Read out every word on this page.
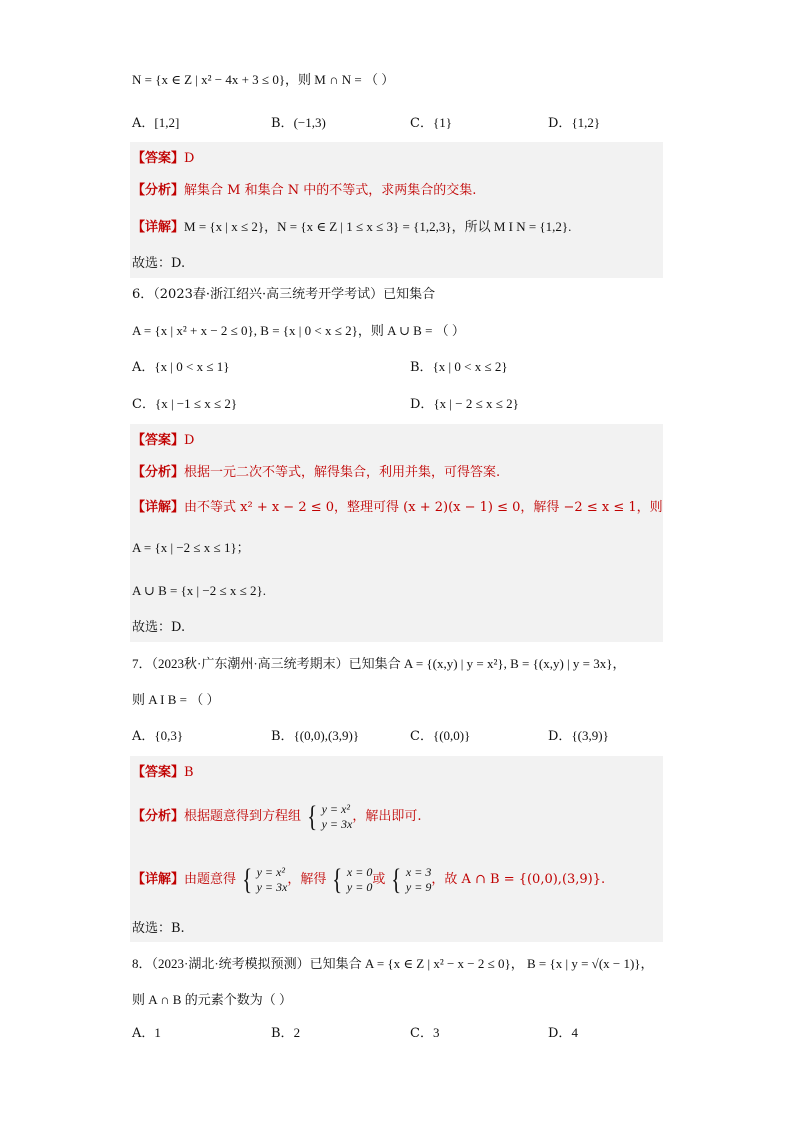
N = {x ∈ Z | x² − 4x + 3 ≤ 0}，则 M ∩ N = （ ）
A．[1,2]	B．(−1,3)	C．{1}	D．{1,2}
【答案】D
【分析】解集合 M 和集合 N 中的不等式，求两集合的交集.
【详解】M = {x | x ≤ 2}，N = {x ∈ Z | 1 ≤ x ≤ 3} = {1,2,3}，所以 M I N = {1,2}.
故选：D.
6．（2023春·浙江绍兴·高三统考开学考试）已知集合
A = {x | x² + x − 2 ≤ 0}, B = {x | 0 < x ≤ 2}，则 A ∪ B = （ ）
A．{x | 0 < x ≤ 1}	B．{x | 0 < x ≤ 2}
C．{x | −1 ≤ x ≤ 2}	D．{x | − 2 ≤ x ≤ 2}
【答案】D
【分析】根据一元二次不等式，解得集合，利用并集，可得答案.
【详解】由不等式 x² + x − 2 ≤ 0，整理可得 (x + 2)(x − 1) ≤ 0，解得 −2 ≤ x ≤ 1，则
A = {x | −2 ≤ x ≤ 1}；
A ∪ B = {x | −2 ≤ x ≤ 2}.
故选：D.
7．（2023秋·广东潮州·高三统考期末）已知集合 A = {(x,y) | y = x²}, B = {(x,y) | y = 3x}，
则 A I B = （ ）
A．{0,3}	B．{(0,0),(3,9)}	C．{(0,0)}	D．{(3,9)}
【答案】B
【分析】根据题意得到方程组 { y = x²
y = 3x ，解出即可.
【详解】由题意得 { y = x²
y = 3x ，解得 { x = 0
y = 0 或 { x = 3
y = 9 ，故 A ∩ B = {(0,0),(3,9)}.
故选：B.
8．（2023·湖北·统考模拟预测）已知集合 A = {x ∈ Z | x² − x − 2 ≤ 0}， B = {x | y = √(x − 1)}，
则 A ∩ B 的元素个数为（ ）
A．1	B．2	C．3	D．4
